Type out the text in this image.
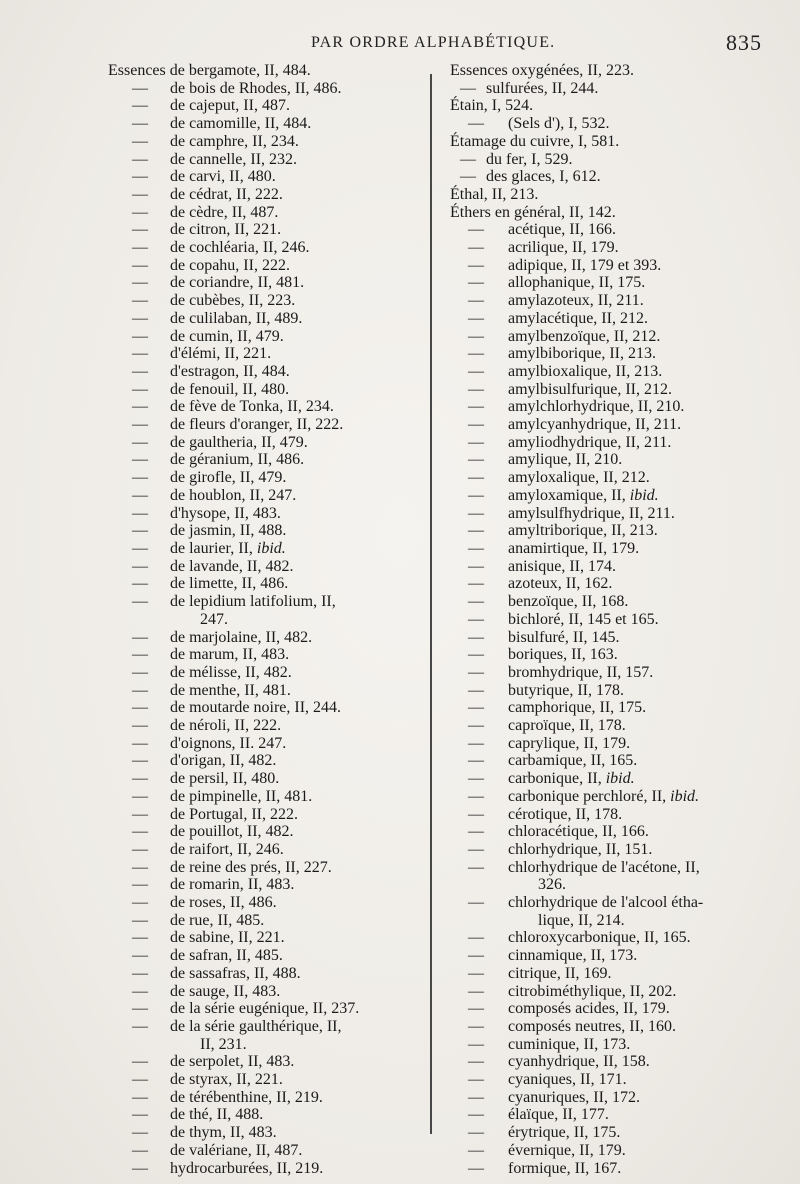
PAR ORDRE ALPHABÉTIQUE.	835
Essences de bergamote, II, 484.
— de bois de Rhodes, II, 486.
— de cajeput, II, 487.
— de camomille, II, 484.
— de camphre, II, 234.
— de cannelle, II, 232.
— de carvi, II, 480.
— de cédrat, II, 222.
— de cèdre, II, 487.
— de citron, II, 221.
— de cochléaria, II, 246.
— de copahu, II, 222.
— de coriandre, II, 481.
— de cubèbes, II, 223.
— de culilaban, II, 489.
— de cumin, II, 479.
— d'élémi, II, 221.
— d'estragon, II, 484.
— de fenouil, II, 480.
— de fève de Tonka, II, 234.
— de fleurs d'oranger, II, 222.
— de gaultheria, II, 479.
— de géranium, II, 486.
— de girofle, II, 479.
— de houblon, II, 247.
— d'hysope, II, 483.
— de jasmin, II, 488.
— de laurier, II, ibid.
— de lavande, II, 482.
— de limette, II, 486.
— de lepidium latifolium, II,
247.
— de marjolaine, II, 482.
— de marum, II, 483.
— de mélisse, II, 482.
— de menthe, II, 481.
— de moutarde noire, II, 244.
— de néroli, II, 222.
— d'oignons, II. 247.
— d'origan, II, 482.
— de persil, II, 480.
— de pimpinelle, II, 481.
— de Portugal, II, 222.
— de pouillot, II, 482.
— de raifort, II, 246.
— de reine des prés, II, 227.
— de romarin, II, 483.
— de roses, II, 486.
— de rue, II, 485.
— de sabine, II, 221.
— de safran, II, 485.
— de sassafras, II, 488.
— de sauge, II, 483.
— de la série eugénique, II, 237.
— de la série gaulthérique, II,
II, 231.
— de serpolet, II, 483.
— de styrax, II, 221.
— de térébenthine, II, 219.
— de thé, II, 488.
— de thym, II, 483.
— de valériane, II, 487.
— hydrocarburées, II, 219.
Essences oxygénées, II, 223.
— sulfurées, II, 244.
Étain, I, 524.
— (Sels d'), I, 532.
Étamage du cuivre, I, 581.
— du fer, I, 529.
— des glaces, I, 612.
Éthal, II, 213.
Éthers en général, II, 142.
— acétique, II, 166.
— acrilique, II, 179.
— adipique, II, 179 et 393.
— allophanique, II, 175.
— amylazoteux, II, 211.
— amylacétique, II, 212.
— amylbenzoïque, II, 212.
— amylbiborique, II, 213.
— amylbioxalique, II, 213.
— amylbisulfurique, II, 212.
— amylchlorhydrique, II, 210.
— amylcyanhydrique, II, 211.
— amyliodhydrique, II, 211.
— amylique, II, 210.
— amyloxalique, II, 212.
— amyloxamique, II, ibid.
— amylsulfhydrique, II, 211.
— amyltriborique, II, 213.
— anamirtique, II, 179.
— anisique, II, 174.
— azoteux, II, 162.
— benzoïque, II, 168.
— bichloré, II, 145 et 165.
— bisulfuré, II, 145.
— boriques, II, 163.
— bromhydrique, II, 157.
— butyrique, II, 178.
— camphorique, II, 175.
— caproïque, II, 178.
— caprylique, II, 179.
— carbamique, II, 165.
— carbonique, II, ibid.
— carbonique perchloré, II, ibid.
— cérotique, II, 178.
— chloracétique, II, 166.
— chlorhydrique, II, 151.
— chlorhydrique de l'acétone, II,
326.
— chlorhydrique de l'alcool étha-
lique, II, 214.
— chloroxycarbonique, II, 165.
— cinnamique, II, 173.
— citrique, II, 169.
— citrobiméthylique, II, 202.
— composés acides, II, 179.
— composés neutres, II, 160.
— cuminique, II, 173.
— cyanhydrique, II, 158.
— cyaniques, II, 171.
— cyanuriques, II, 172.
— élaïque, II, 177.
— érytrique, II, 175.
— évernique, II, 179.
— formique, II, 167.
